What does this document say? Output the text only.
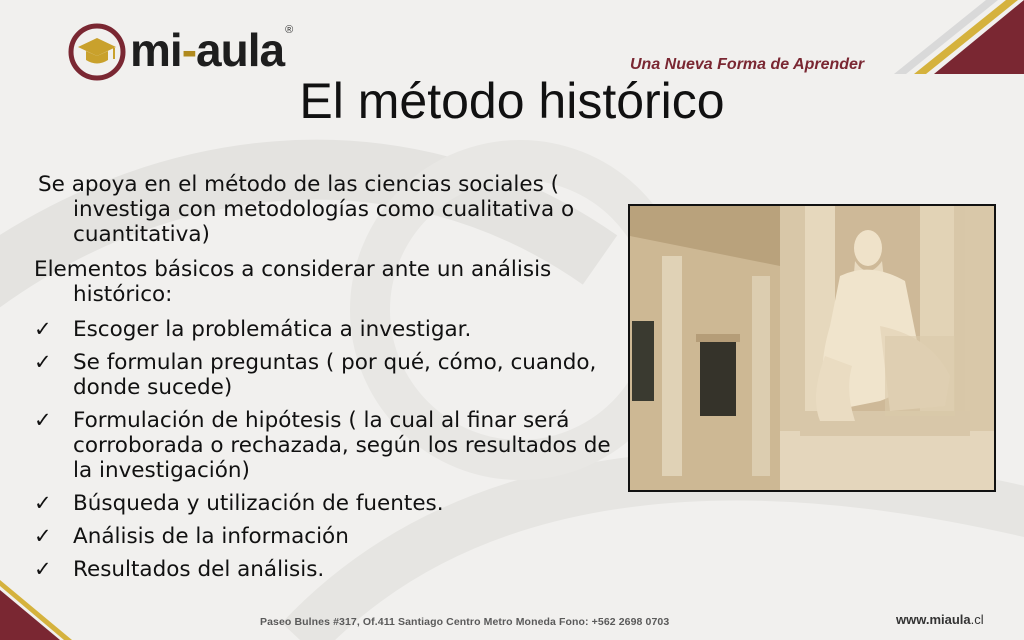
mi-aula ®
Una Nueva Forma de Aprender
El método histórico

Se apoya en el método de las ciencias sociales ( investiga con metodologías como cualitativa o cuantitativa)

Elementos básicos a considerar ante un análisis histórico:

✓ Escoger la problemática a investigar.
✓ Se formulan preguntas ( por qué, cómo, cuando, donde sucede)
✓ Formulación de hipótesis ( la cual al finar será corroborada o rechazada, según los resultados de la investigación)
✓ Búsqueda y utilización de fuentes.
✓ Análisis de la información
✓ Resultados del análisis.
Paseo Bulnes #317, Of.411 Santiago Centro Metro Moneda Fono: +562 2698 0703	www.miaula.cl
